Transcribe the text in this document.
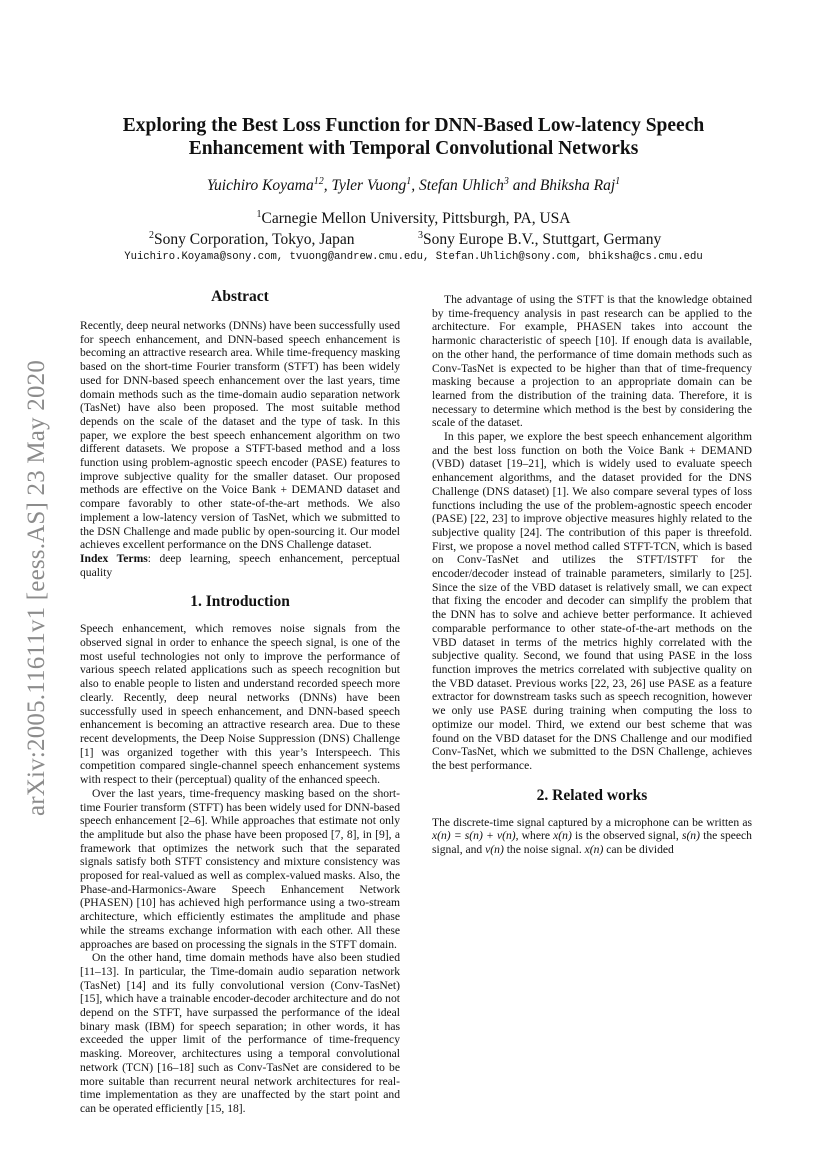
arXiv:2005.11611v1 [eess.AS] 23 May 2020
Exploring the Best Loss Function for DNN-Based Low-latency Speech
Enhancement with Temporal Convolutional Networks
Yuichiro Koyama$^{12}$, Tyler Vuong$^1$, Stefan Uhlich$^3$ and Bhiksha Raj$^1$
$^1$Carnegie Mellon University, Pittsburgh, PA, USA
$^2$Sony Corporation, Tokyo, Japan	$^3$Sony Europe B.V., Stuttgart, Germany
Yuichiro.Koyama@sony.com, tvuong@andrew.cmu.edu, Stefan.Uhlich@sony.com, bhiksha@cs.cmu.edu
Abstract

Recently, deep neural networks (DNNs) have been successfully used for speech enhancement, and DNN-based speech enhancement is becoming an attractive research area. While time-frequency masking based on the short-time Fourier transform (STFT) has been widely used for DNN-based speech enhancement over the last years, time domain methods such as the time-domain audio separation network (TasNet) have also been proposed. The most suitable method depends on the scale of the dataset and the type of task. In this paper, we explore the best speech enhancement algorithm on two different datasets. We propose a STFT-based method and a loss function using problem-agnostic speech encoder (PASE) features to improve subjective quality for the smaller dataset. Our proposed methods are effective on the Voice Bank + DEMAND dataset and compare favorably to other state-of-the-art methods. We also implement a low-latency version of TasNet, which we submitted to the DSN Challenge and made public by open-sourcing it. Our model achieves excellent performance on the DNS Challenge dataset.

Index Terms: deep learning, speech enhancement, perceptual quality

1. Introduction

Speech enhancement, which removes noise signals from the observed signal in order to enhance the speech signal, is one of the most useful technologies not only to improve the performance of various speech related applications such as speech recognition but also to enable people to listen and understand recorded speech more clearly. Recently, deep neural networks (DNNs) have been successfully used in speech enhancement, and DNN-based speech enhancement is becoming an attractive research area. Due to these recent developments, the Deep Noise Suppression (DNS) Challenge [1] was organized together with this year’s Interspeech. This competition compared single-channel speech enhancement systems with respect to their (perceptual) quality of the enhanced speech.

Over the last years, time-frequency masking based on the short-time Fourier transform (STFT) has been widely used for DNN-based speech enhancement [2–6]. While approaches that estimate not only the amplitude but also the phase have been proposed [7, 8], in [9], a framework that optimizes the network such that the separated signals satisfy both STFT consistency and mixture consistency was proposed for real-valued as well as complex-valued masks. Also, the Phase-and-Harmonics-Aware Speech Enhancement Network (PHASEN) [10] has achieved high performance using a two-stream architecture, which efficiently estimates the amplitude and phase while the streams exchange information with each other. All these approaches are based on processing the signals in the STFT domain.

On the other hand, time domain methods have also been studied [11–13]. In particular, the Time-domain audio separation network (TasNet) [14] and its fully convolutional version (Conv-TasNet) [15], which have a trainable encoder-decoder architecture and do not depend on the STFT, have surpassed the performance of the ideal binary mask (IBM) for speech separation; in other words, it has exceeded the upper limit of the performance of time-frequency masking. Moreover, architectures using a temporal convolutional network (TCN) [16–18] such as Conv-TasNet are considered to be more suitable than recurrent neural network architectures for real-time implementation as they are unaffected by the start point and can be operated efficiently [15, 18].

The advantage of using the STFT is that the knowledge obtained by time-frequency analysis in past research can be applied to the architecture. For example, PHASEN takes into account the harmonic characteristic of speech [10]. If enough data is available, on the other hand, the performance of time domain methods such as Conv-TasNet is expected to be higher than that of time-frequency masking because a projection to an appropriate domain can be learned from the distribution of the training data. Therefore, it is necessary to determine which method is the best by considering the scale of the dataset.

In this paper, we explore the best speech enhancement algorithm and the best loss function on both the Voice Bank + DEMAND (VBD) dataset [19–21], which is widely used to evaluate speech enhancement algorithms, and the dataset provided for the DNS Challenge (DNS dataset) [1]. We also compare several types of loss functions including the use of the problem-agnostic speech encoder (PASE) [22, 23] to improve objective measures highly related to the subjective quality [24]. The contribution of this paper is threefold. First, we propose a novel method called STFT-TCN, which is based on Conv-TasNet and utilizes the STFT/ISTFT for the encoder/decoder instead of trainable parameters, similarly to [25]. Since the size of the VBD dataset is relatively small, we can expect that fixing the encoder and decoder can simplify the problem that the DNN has to solve and achieve better performance. It achieved comparable performance to other state-of-the-art methods on the VBD dataset in terms of the metrics highly correlated with the subjective quality. Second, we found that using PASE in the loss function improves the metrics correlated with subjective quality on the VBD dataset. Previous works [22, 23, 26] use PASE as a feature extractor for downstream tasks such as speech recognition, however we only use PASE during training when computing the loss to optimize our model. Third, we extend our best scheme that was found on the VBD dataset for the DNS Challenge and our modified Conv-TasNet, which we submitted to the DSN Challenge, achieves the best performance.

2. Related works

The discrete-time signal captured by a microphone can be written as x(n) = s(n) + v(n), where x(n) is the observed signal, s(n) the speech signal, and v(n) the noise signal. x(n) can be divided
